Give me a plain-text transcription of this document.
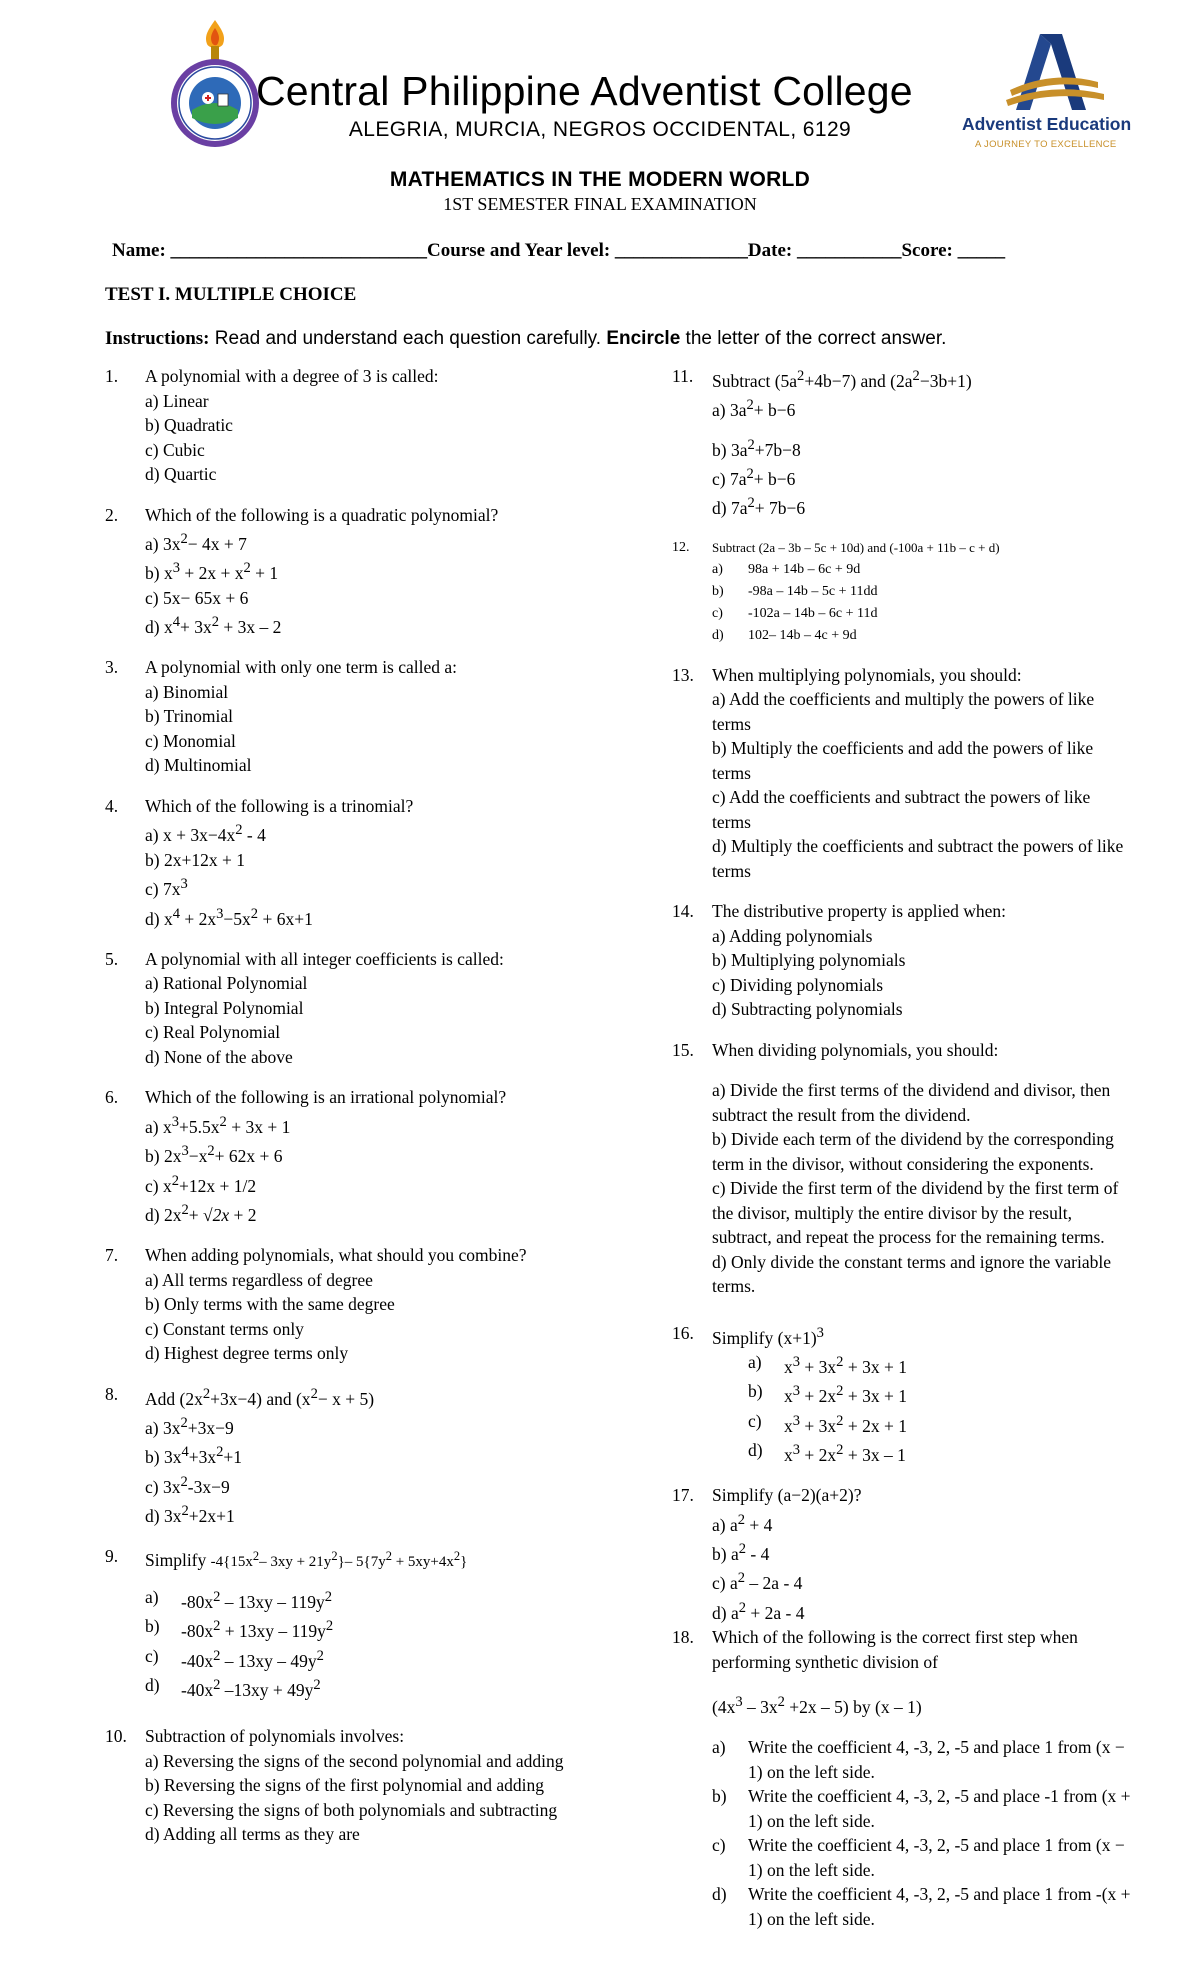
Central Philippine Adventist College
ALEGRIA, MURCIA, NEGROS OCCIDENTAL, 6129	Adventist Education
A JOURNEY TO EXCELLENCE
MATHEMATICS IN THE MODERN WORLD
1ST SEMESTER FINAL EXAMINATION
Name: ___________________________Course and Year level: ______________Date: ___________Score: _____
TEST I. MULTIPLE CHOICE
Instructions: Read and understand each question carefully. Encircle the letter of the correct answer.
1. A polynomial with a degree of 3 is called:
a) Linear
b) Quadratic
c) Cubic
d) Quartic
2. Which of the following is a quadratic polynomial?
a) $3x^2- 4x + 7$
b) $x^3 + 2x + x^2 + 1$
c) 5x− 65x + 6
d) $x^4+ 3x^2 + 3x - 2$
3. A polynomial with only one term is called a:
a) Binomial
b) Trinomial
c) Monomial
d) Multinomial
4. Which of the following is a trinomial?
a) $x + 3x-4x^2 - 4$
b) 2x+12x + 1
c) $7x^3$
d) $x^4 + 2x^3-5x^2 + 6x+1$
5. A polynomial with all integer coefficients is called:
a) Rational Polynomial
b) Integral Polynomial
c) Real Polynomial
d) None of the above
6. Which of the following is an irrational polynomial?
a) $x^3+5.5x^2 + 3x + 1$
b) $2x^3-x^2+ 62x + 6$
c) $x^2+12x + 1/2$
d) $2x^2+ √2x + 2$
7. When adding polynomials, what should you combine?
a) All terms regardless of degree
b) Only terms with the same degree
c) Constant terms only
d) Highest degree terms only
8. Add $(2x^2+3x-4)$ and $(x^2- x + 5)$
a) $3x^2+3x-9$
b) $3x^4+3x^2+1$
c) $3x^2-3x-9$
d) $3x^2+2x+1$
9. Simplify $-4\{15x^2-$ $3xy + 21y^2\}-$ $5\{7y^2 + 5xy+4x^2\}$
a) $-80x^2 - 13xy - 119y^2$
b) $-80x^2 + 13xy - 119y^2$
c) $-40x^2 - 13xy - 49y^2$
d) $-40x^2$ $-13xy + 49y^2$
10. Subtraction of polynomials involves:
a) Reversing the signs of the second polynomial and adding
b) Reversing the signs of the first polynomial and adding
c) Reversing the signs of both polynomials and subtracting
d) Adding all terms as they are
11. Subtract $(5a^2+4b-7)$ and $(2a^2-3b+1)$
a) $3a^2+ b-6$
b) $3a^2+7b-8$
c) $7a^2+ b-6$
d) $7a^2+ 7b-6$
12. Subtract (2a – 3b – 5c + 10d) and (-100a + 11b – c + d)
a) 98a + 14b – 6c + 9d
b) -98a – 14b – 5c + 11dd
c) -102a – 14b – 6c + 11d
d) 102– 14b – 4c + 9d
13. When multiplying polynomials, you should:
a) Add the coefficients and multiply the powers of like terms
b) Multiply the coefficients and add the powers of like terms
c) Add the coefficients and subtract the powers of like terms
d) Multiply the coefficients and subtract the powers of like terms
14. The distributive property is applied when:
a) Adding polynomials
b) Multiplying polynomials
c) Dividing polynomials
d) Subtracting polynomials
15. When dividing polynomials, you should:
a) Divide the first terms of the dividend and divisor, then subtract the result from the dividend.
b) Divide each term of the dividend by the corresponding term in the divisor, without considering the exponents.
c) Divide the first term of the dividend by the first term of the divisor, multiply the entire divisor by the result, subtract, and repeat the process for the remaining terms.
d) Only divide the constant terms and ignore the variable terms.
16. Simplify $(x+1)^3$
a) $x^3 + 3x^2 + 3x + 1$
b) $x^3 + 2x^2 + 3x + 1$
c) $x^3 + 3x^2 + 2x + 1$
d) $x^3 + 2x^2 + 3x - 1$
17. Simplify (a−2)(a+2)?
a) $a^2 + 4$
b) $a^2 - 4$
c) $a^2 - 2a - 4$
d) $a^2 + 2a - 4$
18. Which of the following is the correct first step when performing synthetic division of
$(4x^3 - 3x^2 +2x - 5)$ by (x – 1)
a) Write the coefficient 4, -3, 2, -5 and place 1 from (x − 1) on the left side.
b) Write the coefficient 4, -3, 2, -5 and place -1 from (x + 1) on the left side.
c) Write the coefficient 4, -3, 2, -5 and place 1 from (x − 1) on the left side.
d) Write the coefficient 4, -3, 2, -5 and place 1 from -(x + 1) on the left side.
